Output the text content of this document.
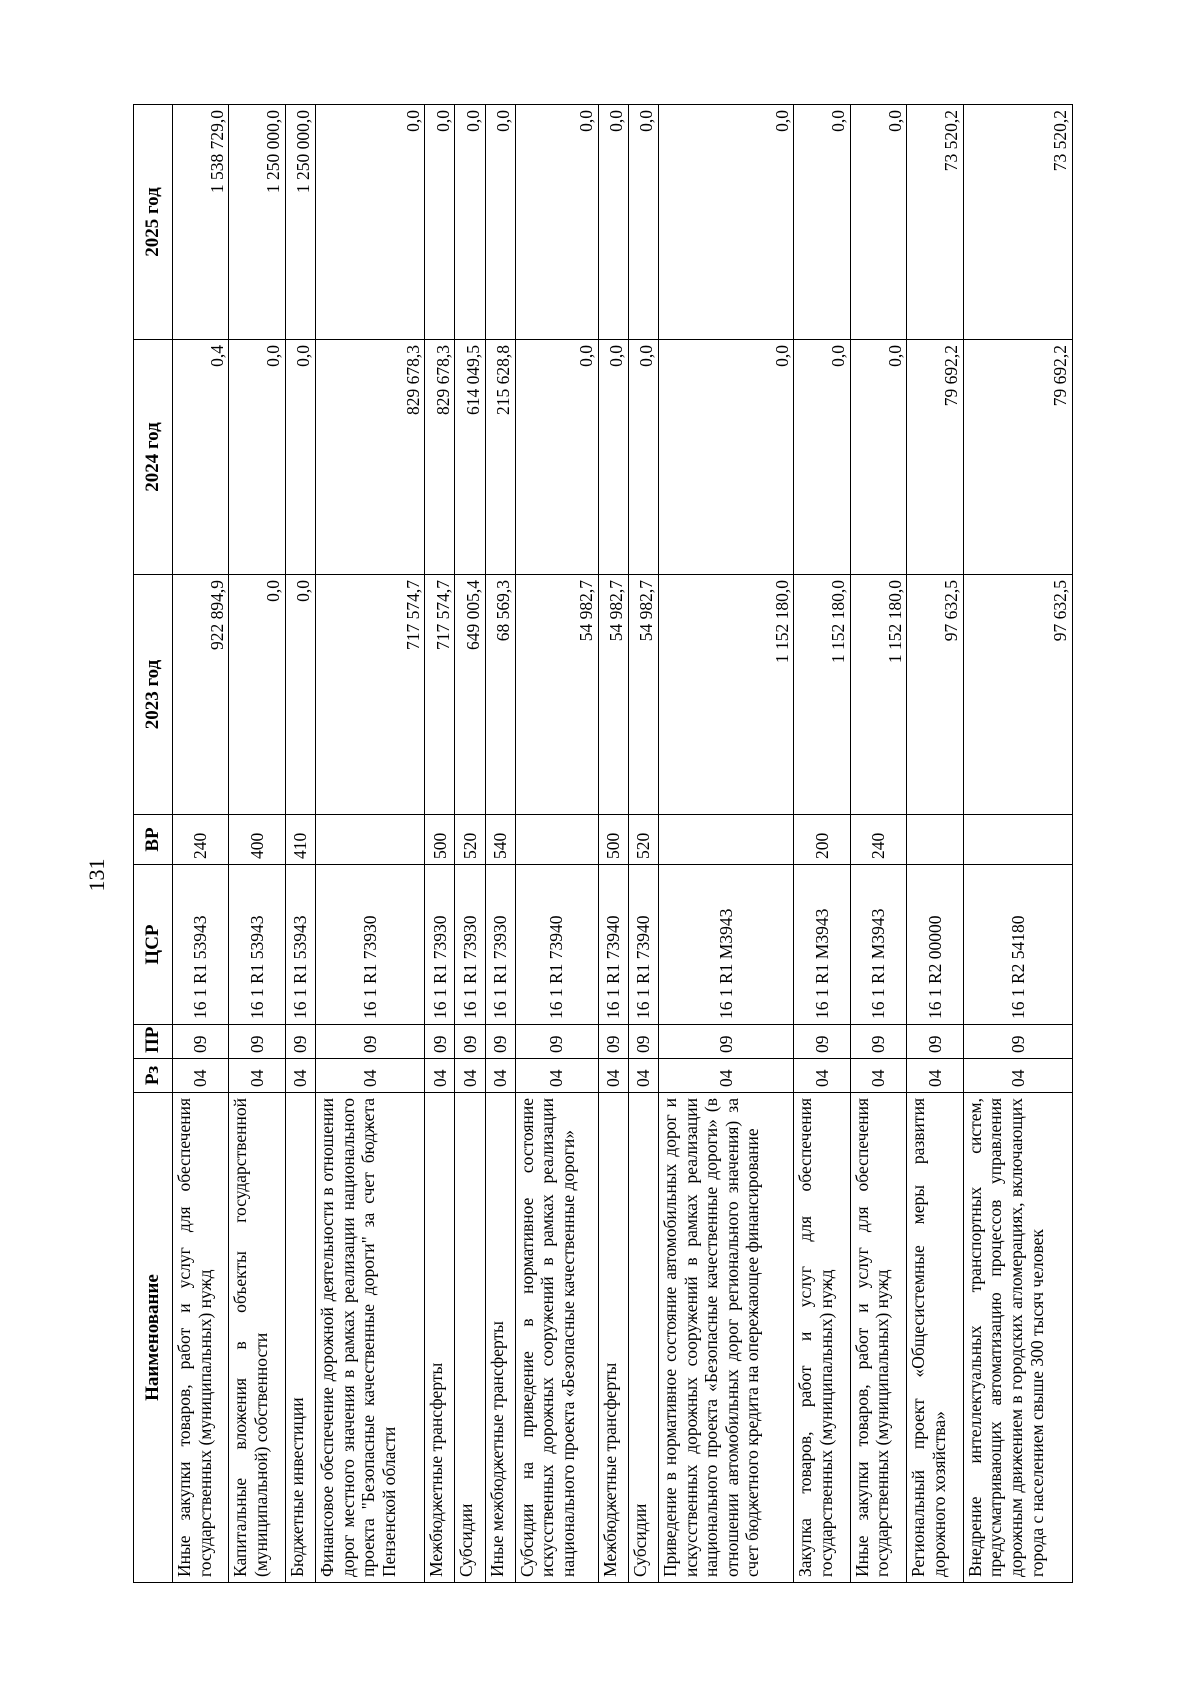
131
Наименование	Рз	ПР	ЦСР	ВР	2023 год	2024 год	2025 год
Иные закупки товаров, работ и услуг для обеспечения государственных (муниципальных) нужд	04	09	16 1 R1 53943	240	922 894,9	0,4	1 538 729,0
Капитальные вложения в объекты государственной (муниципальной) собственности	04	09	16 1 R1 53943	400	0,0	0,0	1 250 000,0
Бюджетные инвестиции	04	09	16 1 R1 53943	410	0,0	0,0	1 250 000,0
Финансовое обеспечение дорожной деятельности в отношении дорог местного значения в рамках реализации национального проекта "Безопасные качественные дороги" за счет бюджета Пензенской области	04	09	16 1 R1 73930		717 574,7	829 678,3	0,0
Межбюджетные трансферты	04	09	16 1 R1 73930	500	717 574,7	829 678,3	0,0
Субсидии	04	09	16 1 R1 73930	520	649 005,4	614 049,5	0,0
Иные межбюджетные трансферты	04	09	16 1 R1 73930	540	68 569,3	215 628,8	0,0
Субсидии на приведение в нормативное состояние искусственных дорожных сооружений в рамках реализации национального проекта «Безопасные качественные дороги»	04	09	16 1 R1 73940		54 982,7	0,0	0,0
Межбюджетные трансферты	04	09	16 1 R1 73940	500	54 982,7	0,0	0,0
Субсидии	04	09	16 1 R1 73940	520	54 982,7	0,0	0,0
Приведение в нормативное состояние автомобильных дорог и искусственных дорожных сооружений в рамках реализации национального проекта «Безопасные качественные дороги» (в отношении автомобильных дорог регионального значения) за счет бюджетного кредита на опережающее финансирование	04	09	16 1 R1 M3943		1 152 180,0	0,0	0,0
Закупка товаров, работ и услуг для обеспечения государственных (муниципальных) нужд	04	09	16 1 R1 M3943	200	1 152 180,0	0,0	0,0
Иные закупки товаров, работ и услуг для обеспечения государственных (муниципальных) нужд	04	09	16 1 R1 M3943	240	1 152 180,0	0,0	0,0
Региональный проект «Общесистемные меры развития дорожного хозяйства»	04	09	16 1 R2 00000		97 632,5	79 692,2	73 520,2
Внедрение интеллектуальных транспортных систем, предусматривающих автоматизацию процессов управления дорожным движением в городских агломерациях, включающих города с населением свыше 300 тысяч человек	04	09	16 1 R2 54180		97 632,5	79 692,2	73 520,2
